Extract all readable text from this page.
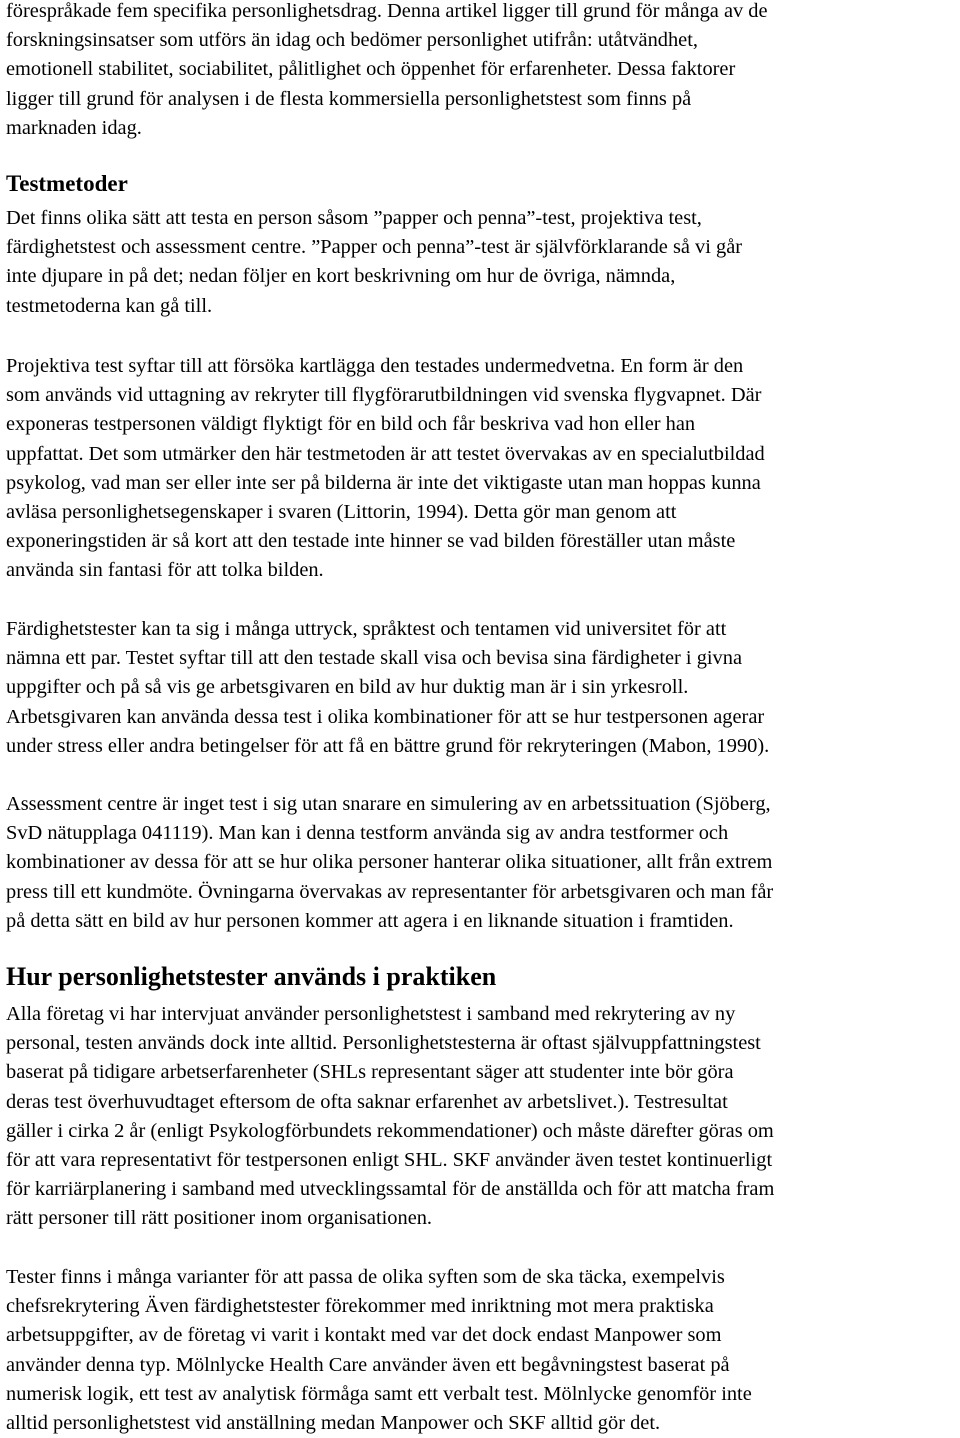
förespråkade fem specifika personlighetsdrag. Denna artikel ligger till grund för många av de
forskningsinsatser som utförs än idag och bedömer personlighet utifrån: utåtvändhet,
emotionell stabilitet, sociabilitet, pålitlighet och öppenhet för erfarenheter. Dessa faktorer
ligger till grund för analysen i de flesta kommersiella personlighetstest som finns på
marknaden idag.
Testmetoder
Det finns olika sätt att testa en person såsom ”papper och penna”-test, projektiva test,
färdighetstest och assessment centre. ”Papper och penna”-test är självförklarande så vi går
inte djupare in på det; nedan följer en kort beskrivning om hur de övriga, nämnda,
testmetoderna kan gå till.
Projektiva test syftar till att försöka kartlägga den testades undermedvetna. En form är den
som används vid uttagning av rekryter till flygförarutbildningen vid svenska flygvapnet. Där
exponeras testpersonen väldigt flyktigt för en bild och får beskriva vad hon eller han
uppfattat. Det som utmärker den här testmetoden är att testet övervakas av en specialutbildad
psykolog, vad man ser eller inte ser på bilderna är inte det viktigaste utan man hoppas kunna
avläsa personlighetsegenskaper i svaren (Littorin, 1994). Detta gör man genom att
exponeringstiden är så kort att den testade inte hinner se vad bilden föreställer utan måste
använda sin fantasi för att tolka bilden.
Färdighetstester kan ta sig i många uttryck, språktest och tentamen vid universitet för att
nämna ett par. Testet syftar till att den testade skall visa och bevisa sina färdigheter i givna
uppgifter och på så vis ge arbetsgivaren en bild av hur duktig man är i sin yrkesroll.
Arbetsgivaren kan använda dessa test i olika kombinationer för att se hur testpersonen agerar
under stress eller andra betingelser för att få en bättre grund för rekryteringen (Mabon, 1990).
Assessment centre är inget test i sig utan snarare en simulering av en arbetssituation (Sjöberg,
SvD nätupplaga 041119). Man kan i denna testform använda sig av andra testformer och
kombinationer av dessa för att se hur olika personer hanterar olika situationer, allt från extrem
press till ett kundmöte. Övningarna övervakas av representanter för arbetsgivaren och man får
på detta sätt en bild av hur personen kommer att agera i en liknande situation i framtiden.
Hur personlighetstester används i praktiken
Alla företag vi har intervjuat använder personlighetstest i samband med rekrytering av ny
personal, testen används dock inte alltid. Personlighetstesterna är oftast självuppfattningstest
baserat på tidigare arbetserfarenheter (SHLs representant säger att studenter inte bör göra
deras test överhuvudtaget eftersom de ofta saknar erfarenhet av arbetslivet.). Testresultat
gäller i cirka 2 år (enligt Psykologförbundets rekommendationer) och måste därefter göras om
för att vara representativt för testpersonen enligt SHL. SKF använder även testet kontinuerligt
för karriärplanering i samband med utvecklingssamtal för de anställda och för att matcha fram
rätt personer till rätt positioner inom organisationen.
Tester finns i många varianter för att passa de olika syften som de ska täcka, exempelvis
chefsrekrytering Även färdighetstester förekommer med inriktning mot mera praktiska
arbetsuppgifter, av de företag vi varit i kontakt med var det dock endast Manpower som
använder denna typ. Mölnlycke Health Care använder även ett begåvningstest baserat på
numerisk logik, ett test av analytisk förmåga samt ett verbalt test. Mölnlycke genomför inte
alltid personlighetstest vid anställning medan Manpower och SKF alltid gör det.
